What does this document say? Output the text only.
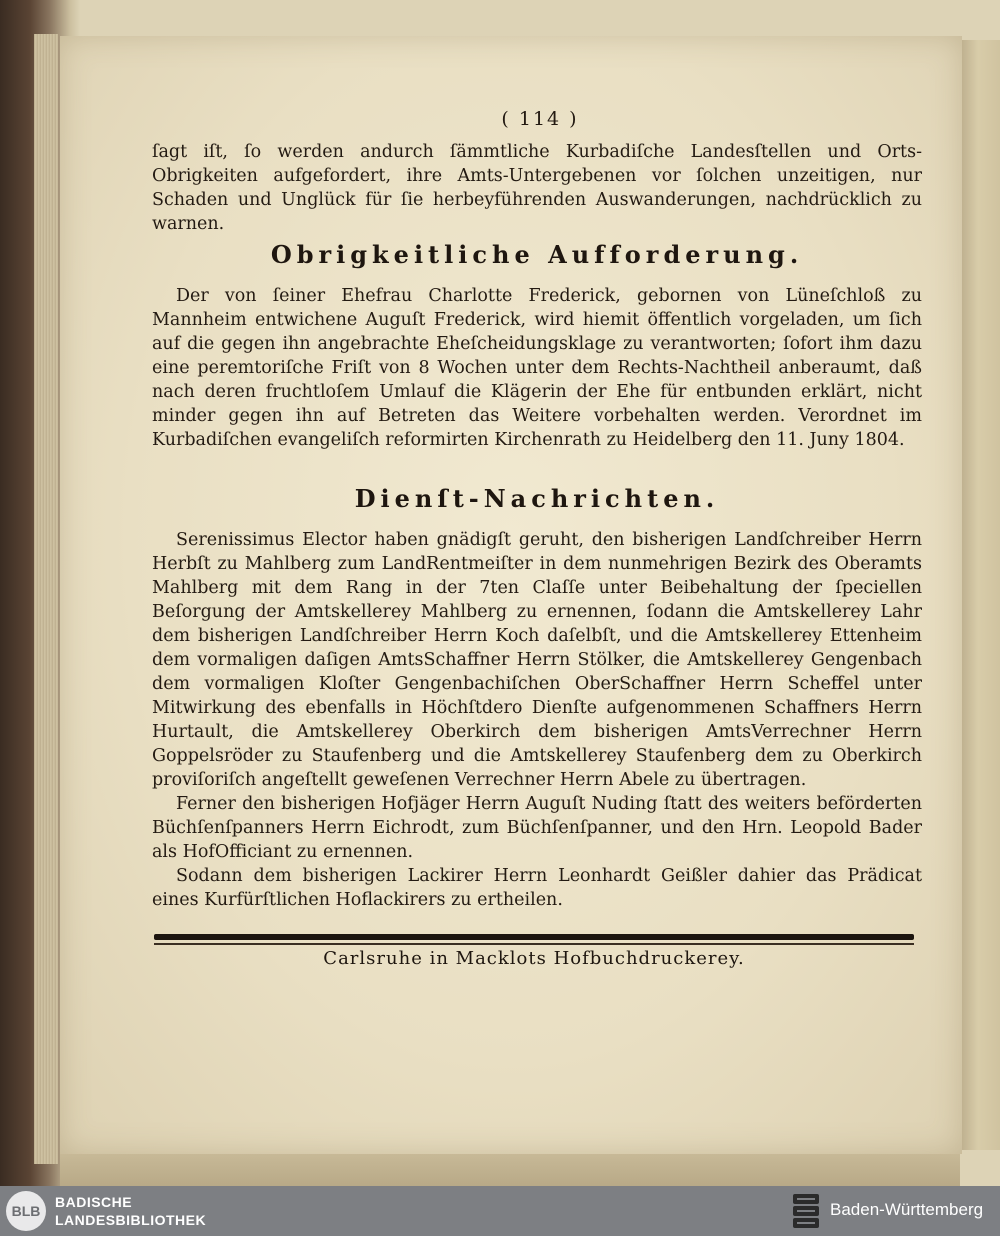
( 114 )

ſagt iſt, ſo werden andurch ſämmtliche Kurbadiſche Landesſtellen und Orts-Obrigkeiten aufgefordert, ihre Amts-Untergebenen vor ſolchen unzeitigen, nur Schaden und Unglück für ſie herbeyführenden Auswanderungen, nachdrücklich zu warnen.

Obrigkeitliche Aufforderung.

Der von ſeiner Ehefrau Charlotte Frederick, gebornen von Lüneſchloß zu Mannheim entwichene Auguſt Frederick, wird hiemit öffentlich vorgeladen, um ſich auf die gegen ihn angebrachte Eheſcheidungsklage zu verantworten; ſofort ihm dazu eine peremtoriſche Friſt von 8 Wochen unter dem Rechts-Nachtheil anberaumt, daß nach deren fruchtloſem Umlauf die Klägerin der Ehe für entbunden erklärt, nicht minder gegen ihn auf Betreten das Weitere vorbehalten werden. Verordnet im Kurbadiſchen evangeliſch reformirten Kirchenrath zu Heidelberg den 11. Juny 1804.

Dienſt-Nachrichten.

Serenissimus Elector haben gnädigſt geruht, den bisherigen Landſchreiber Herrn Herbſt zu Mahlberg zum LandRentmeiſter in dem nunmehrigen Bezirk des Oberamts Mahlberg mit dem Rang in der 7ten Claſſe unter Beibehaltung der ſpeciellen Beſorgung der Amtskellerey Mahlberg zu ernennen, ſodann die Amtskellerey Lahr dem bisherigen Landſchreiber Herrn Koch daſelbſt, und die Amtskellerey Ettenheim dem vormaligen daſigen AmtsSchaffner Herrn Stölker, die Amtskellerey Gengenbach dem vormaligen Kloſter Gengenbachiſchen OberSchaffner Herrn Scheffel unter Mitwirkung des ebenfalls in Höchſtdero Dienſte aufgenommenen Schaffners Herrn Hurtault, die Amtskellerey Oberkirch dem bisherigen AmtsVerrechner Herrn Goppelsröder zu Staufenberg und die Amtskellerey Staufenberg dem zu Oberkirch proviſoriſch angeſtellt geweſenen Verrechner Herrn Abele zu übertragen.

Ferner den bisherigen Hofjäger Herrn Auguſt Nuding ſtatt des weiters beförderten Büchſenſpanners Herrn Eichrodt, zum Büchſenſpanner, und den Hrn. Leopold Bader als HofOfficiant zu ernennen.

Sodann dem bisherigen Lackirer Herrn Leonhardt Geißler dahier das Prädicat eines Kurfürſtlichen Hoflackirers zu ertheilen.

Carlsruhe in Macklots Hofbuchdruckerey.
BLB
BADISCHE
LANDESBIBLIOTHEK
Baden-Württemberg
